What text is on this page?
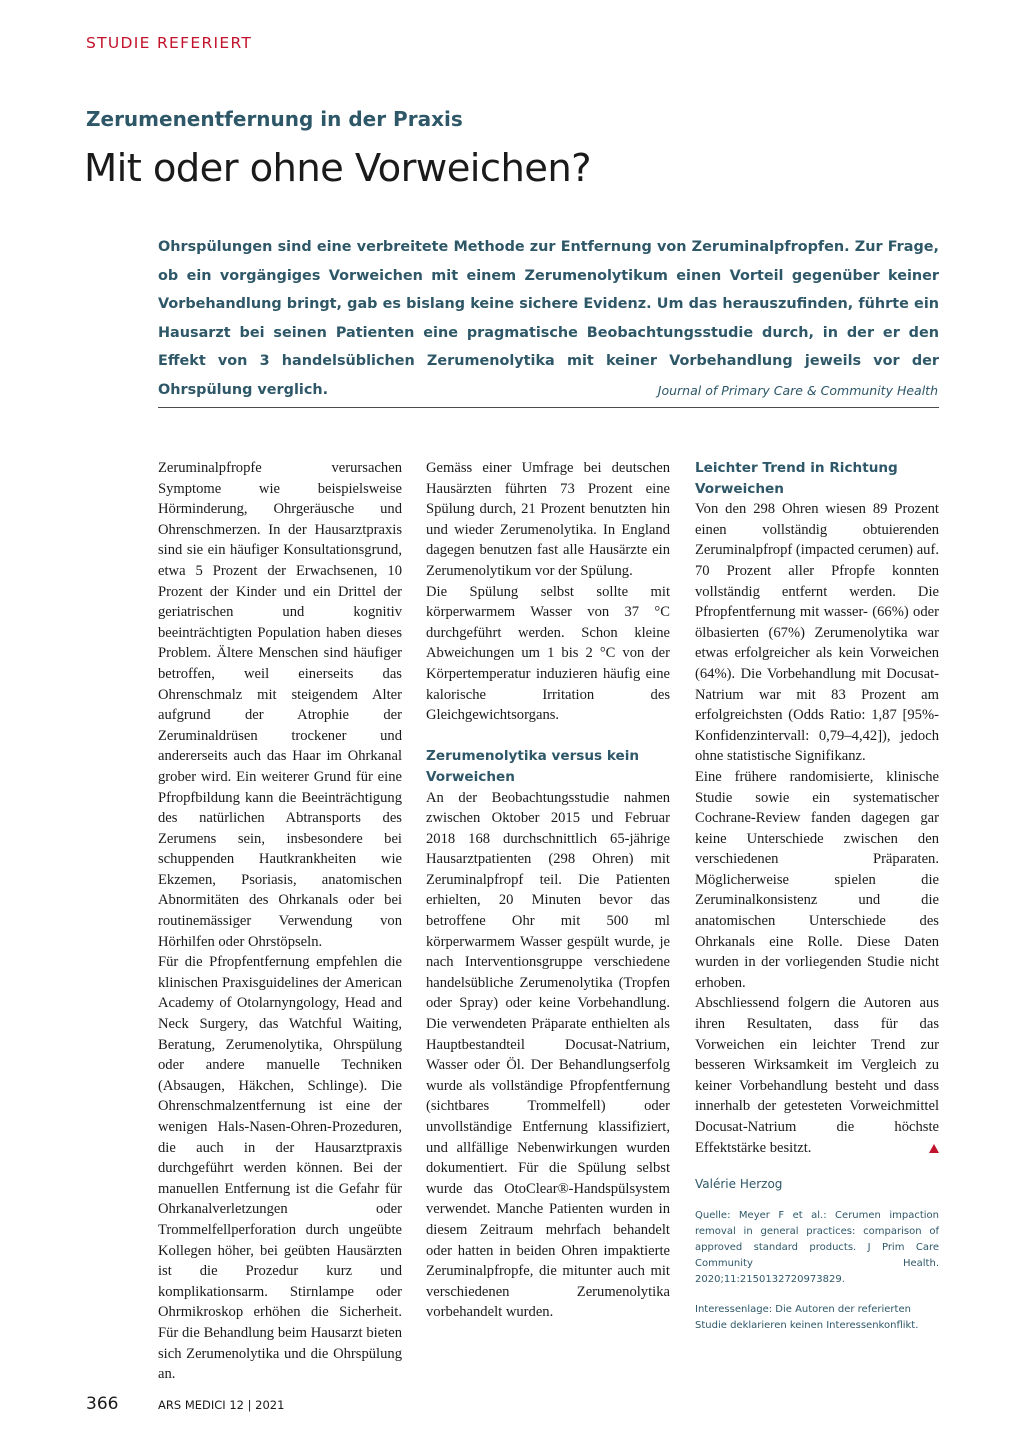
STUDIE REFERIERT
Zerumenentfernung in der Praxis
Mit oder ohne Vorweichen?

Ohrspülungen sind eine verbreitete Methode zur Entfernung von Zeruminalpfropfen. Zur Frage, ob ein vorgängiges Vorweichen mit einem Zerumenolytikum einen Vorteil gegenüber keiner Vorbehandlung bringt, gab es bislang keine sichere Evidenz. Um das herauszufinden, führte ein Hausarzt bei seinen Patienten eine pragmatische Beobachtungsstudie durch, in der er den Effekt von 3 handelsüblichen Zerumenolytika mit keiner Vorbehandlung jeweils vor der Ohrspülung verglich.	Journal of Primary Care & Community Health

Zeruminalpfropfe verursachen Symptome wie beispielsweise Hörminderung, Ohrgeräusche und Ohrenschmerzen. In der Hausarztpraxis sind sie ein häufiger Konsultationsgrund, etwa 5 Prozent der Erwachsenen, 10 Prozent der Kinder und ein Drittel der geriatrischen und kognitiv beeinträchtigten Population haben dieses Problem. Ältere Menschen sind häufiger betroffen, weil einerseits das Ohrenschmalz mit steigendem Alter aufgrund der Atrophie der Zeruminaldrüsen trockener und andererseits auch das Haar im Ohrkanal grober wird. Ein weiterer Grund für eine Pfropfbildung kann die Beeinträchtigung des natürlichen Abtransports des Zerumens sein, insbesondere bei schuppenden Hautkrankheiten wie Ekzemen, Psoriasis, anatomischen Abnormitäten des Ohrkanals oder bei routinemässiger Verwendung von Hörhilfen oder Ohrstöpseln.

Für die Pfropfentfernung empfehlen die klinischen Praxisguidelines der American Academy of Otolarnyngology, Head and Neck Surgery, das Watchful Waiting, Beratung, Zerumenolytika, Ohrspülung oder andere manuelle Techniken (Absaugen, Häkchen, Schlinge). Die Ohrenschmalzentfernung ist eine der wenigen Hals-Nasen-Ohren-Prozeduren, die auch in der Hausarztpraxis durchgeführt werden können. Bei der manuellen Entfernung ist die Gefahr für Ohrkanalverletzungen oder Trommelfellperforation durch ungeübte Kollegen höher, bei geübten Hausärzten ist die Prozedur kurz und komplikationsarm. Stirnlampe oder Ohrmikroskop erhöhen die Sicherheit. Für die Behandlung beim Hausarzt bieten sich Zerumenolytika und die Ohrspülung an.

Gemäss einer Umfrage bei deutschen Hausärzten führten 73 Prozent eine Spülung durch, 21 Prozent benutzten hin und wieder Zerumenolytika. In England dagegen benutzen fast alle Hausärzte ein Zerumenolytikum vor der Spülung.

Die Spülung selbst sollte mit körperwarmem Wasser von 37 °C durchgeführt werden. Schon kleine Abweichungen um 1 bis 2 °C von der Körpertemperatur induzieren häufig eine kalorische Irritation des Gleichgewichtsorgans.

Zerumenolytika versus kein Vorweichen

An der Beobachtungsstudie nahmen zwischen Oktober 2015 und Februar 2018 168 durchschnittlich 65-jährige Hausarztpatienten (298 Ohren) mit Zeruminalpfropf teil. Die Patienten erhielten, 20 Minuten bevor das betroffene Ohr mit 500 ml körperwarmem Wasser gespült wurde, je nach Interventionsgruppe verschiedene handelsübliche Zerumenolytika (Tropfen oder Spray) oder keine Vorbehandlung. Die verwendeten Präparate enthielten als Hauptbestandteil Docusat-Natrium, Wasser oder Öl. Der Behandlungserfolg wurde als vollständige Pfropfentfernung (sichtbares Trommelfell) oder unvollständige Entfernung klassifiziert, und allfällige Nebenwirkungen wurden dokumentiert. Für die Spülung selbst wurde das OtoClear®-Handspülsystem verwendet. Manche Patienten wurden in diesem Zeitraum mehrfach behandelt oder hatten in beiden Ohren impaktierte Zeruminalpfropfe, die mitunter auch mit verschiedenen Zerumenolytika vorbehandelt wurden.

Leichter Trend in Richtung Vorweichen

Von den 298 Ohren wiesen 89 Prozent einen vollständig obtuierenden Zeruminalpfropf (impacted cerumen) auf. 70 Prozent aller Pfropfe konnten vollständig entfernt werden. Die Pfropfentfernung mit wasser- (66%) oder ölbasierten (67%) Zerumenolytika war etwas erfolgreicher als kein Vorweichen (64%). Die Vorbehandlung mit Docusat-Natrium war mit 83 Prozent am erfolgreichsten (Odds Ratio: 1,87 [95%-Konfidenzintervall: 0,79–4,42]), jedoch ohne statistische Signifikanz.

Eine frühere randomisierte, klinische Studie sowie ein systematischer Cochrane-Review fanden dagegen gar keine Unterschiede zwischen den verschiedenen Präparaten. Möglicherweise spielen die Zeruminalkonsistenz und die anatomischen Unterschiede des Ohrkanals eine Rolle. Diese Daten wurden in der vorliegenden Studie nicht erhoben.

Abschliessend folgern die Autoren aus ihren Resultaten, dass für das Vorweichen ein leichter Trend zur besseren Wirksamkeit im Vergleich zu keiner Vorbehandlung besteht und dass innerhalb der getesteten Vorweichmittel Docusat-Natrium die höchste Effektstärke besitzt.

Valérie Herzog
Quelle: Meyer F et al.: Cerumen impaction removal in general practices: comparison of approved standard products. J Prim Care Community Health. 2020;11:2150132720973829.
Interessenlage: Die Autoren der referierten Studie deklarieren keinen Interessenkonflikt.
366	ARS MEDICI 12 | 2021
